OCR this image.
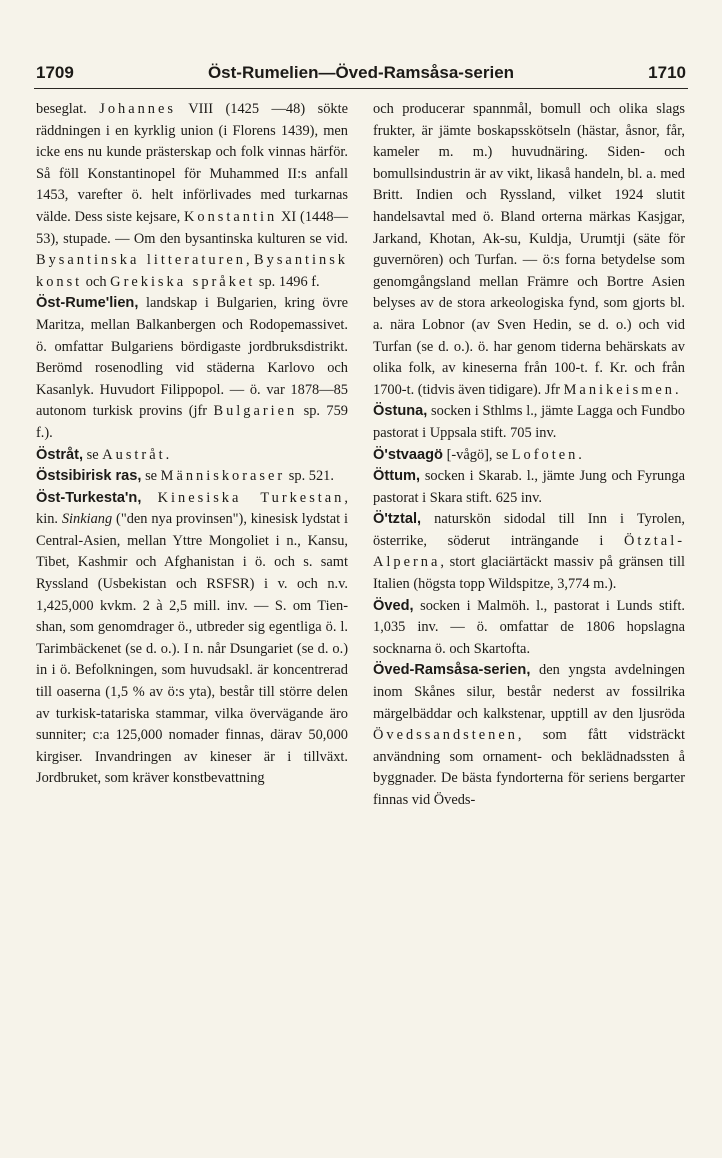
1709	Öst-Rumelien—Öved-Ramsåsa-serien	1710

beseglat. Johannes VIII (1425 —48) sökte räddningen i en kyrklig union (i Florens 1439), men icke ens nu kunde prästerskap och folk vinnas härför. Så föll Konstantinopel för Muhammed II:s anfall 1453, varefter ö. helt införlivades med turkarnas välde. Dess siste kejsare, Konstantin XI (1448—53), stupade. — Om den bysantinska kulturen se vid. Bysantinska litteraturen, Bysantinsk konst och Grekiska språket sp. 1496 f.

Öst-Rume'lien, landskap i Bulgarien, kring övre Maritza, mellan Balkanbergen och Rodopemassivet. ö. omfattar Bulgariens bördigaste jordbruksdistrikt. Berömd rosenodling vid städerna Karlovo och Kasanlyk. Huvudort Filippopol. — ö. var 1878—85 autonom turkisk provins (jfr Bulgarien sp. 759 f.).

Östråt, se Austråt.

Östsibirisk ras, se Människoraser sp. 521.

Öst-Turkesta'n, Kinesiska Turkestan, kin. Sinkiang ("den nya provinsen"), kinesisk lydstat i Central-Asien, mellan Yttre Mongoliet i n., Kansu, Tibet, Kashmir och Afghanistan i ö. och s. samt Ryssland (Usbekistan och RSFSR) i v. och n.v. 1,425,000 kvkm. 2 à 2,5 mill. inv. — S. om Tien-shan, som genomdrager ö., utbreder sig egentliga ö. l. Tarimbäckenet (se d. o.). I n. når Dsungariet (se d. o.) in i ö. Befolkningen, som huvudsakl. är koncentrerad till oaserna (1,5 % av ö:s yta), består till större delen av turkisk-tatariska stammar, vilka övervägande äro sunniter; c:a 125,000 nomader finnas, därav 50,000 kirgiser. Invandringen av kineser är i tillväxt. Jordbruket, som kräver konstbevattning

och producerar spannmål, bomull och olika slags frukter, är jämte boskapsskötseln (hästar, åsnor, får, kameler m. m.) huvudnäring. Siden- och bomullsindustrin är av vikt, likaså handeln, bl. a. med Britt. Indien och Ryssland, vilket 1924 slutit handelsavtal med ö. Bland orterna märkas Kasjgar, Jarkand, Khotan, Ak-su, Kuldja, Urumtji (säte för guvernören) och Turfan. — ö:s forna betydelse som genomgångsland mellan Främre och Bortre Asien belyses av de stora arkeologiska fynd, som gjorts bl. a. nära Lobnor (av Sven Hedin, se d. o.) och vid Turfan (se d. o.). ö. har genom tiderna behärskats av olika folk, av kineserna från 100-t. f. Kr. och från 1700-t. (tidvis även tidigare). Jfr Manikeismen.

Östuna, socken i Sthlms l., jämte Lagga och Fundbo pastorat i Uppsala stift. 705 inv.

Ö'stvaagö [-vågö], se Lofoten.

Öttum, socken i Skarab. l., jämte Jung och Fyrunga pastorat i Skara stift. 625 inv.

Ö'tztal, naturskön sidodal till Inn i Tyrolen, österrike, söderut inträngande i Ötztal-Alperna, stort glaciärtäckt massiv på gränsen till Italien (högsta topp Wildspitze, 3,774 m.).

Öved, socken i Malmöh. l., pastorat i Lunds stift. 1,035 inv. — ö. omfattar de 1806 hopslagna socknarna ö. och Skartofta.

Öved-Ramsåsa-serien, den yngsta avdelningen inom Skånes silur, består nederst av fossilrika märgelbäddar och kalkstenar, upptill av den ljusröda Övedssandstenen, som fått vidsträckt användning som ornament- och beklädnadssten å byggnader. De bästa fyndorterna för seriens bergarter finnas vid Öveds-
